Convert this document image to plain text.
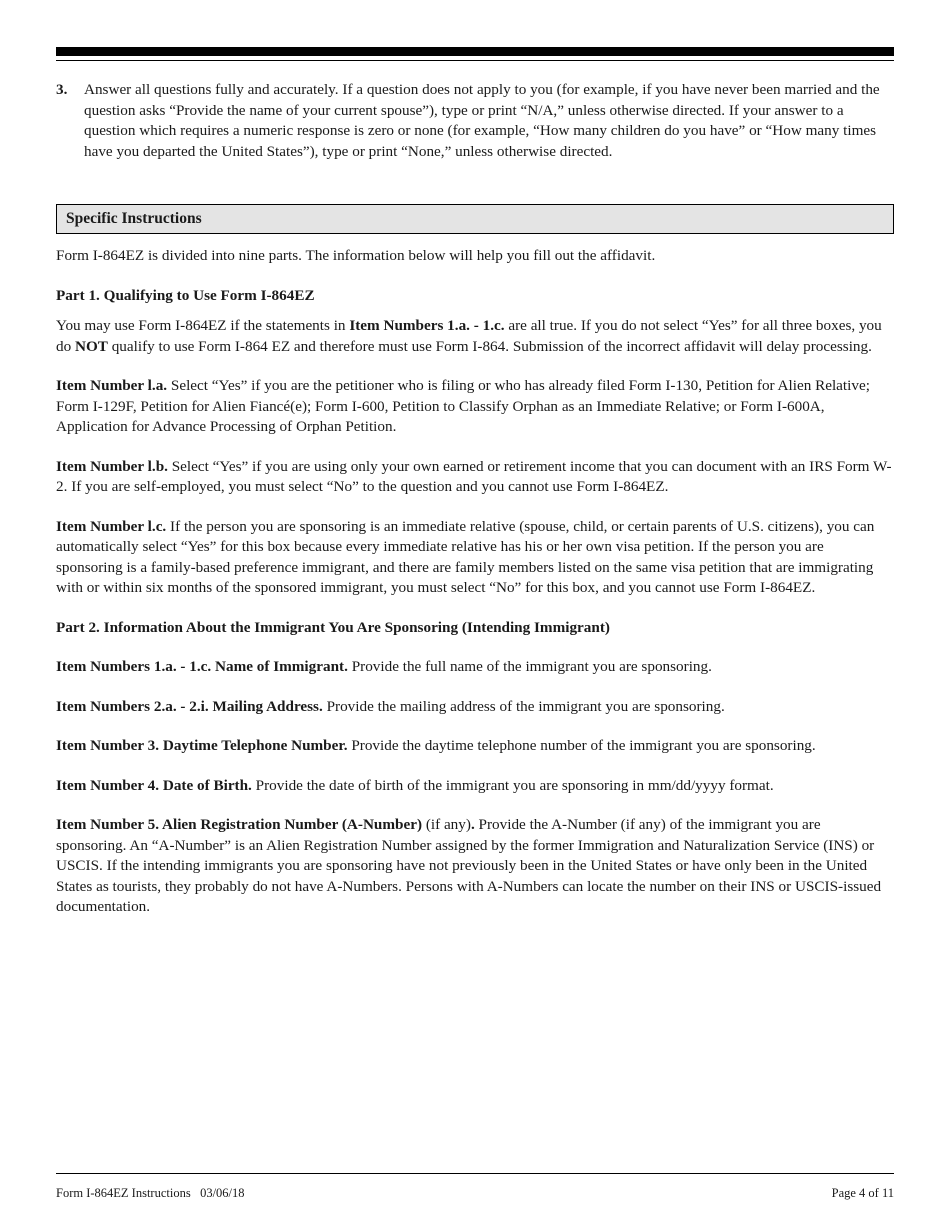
3. Answer all questions fully and accurately. If a question does not apply to you (for example, if you have never been married and the question asks “Provide the name of your current spouse”), type or print “N/A,” unless otherwise directed. If your answer to a question which requires a numeric response is zero or none (for example, “How many children do you have” or “How many times have you departed the United States”), type or print “None,” unless otherwise directed.

Specific Instructions

Form I-864EZ is divided into nine parts. The information below will help you fill out the affidavit.

Part 1. Qualifying to Use Form I-864EZ

You may use Form I-864EZ if the statements in Item Numbers 1.a. - 1.c. are all true. If you do not select “Yes” for all three boxes, you do NOT qualify to use Form I-864 EZ and therefore must use Form I-864. Submission of the incorrect affidavit will delay processing.

Item Number l.a. Select “Yes” if you are the petitioner who is filing or who has already filed Form I-130, Petition for Alien Relative; Form I-129F, Petition for Alien Fiancé(e); Form I-600, Petition to Classify Orphan as an Immediate Relative; or Form I-600A, Application for Advance Processing of Orphan Petition.

Item Number l.b. Select “Yes” if you are using only your own earned or retirement income that you can document with an IRS Form W-2. If you are self-employed, you must select “No” to the question and you cannot use Form I-864EZ.

Item Number l.c. If the person you are sponsoring is an immediate relative (spouse, child, or certain parents of U.S. citizens), you can automatically select “Yes” for this box because every immediate relative has his or her own visa petition. If the person you are sponsoring is a family-based preference immigrant, and there are family members listed on the same visa petition that are immigrating with or within six months of the sponsored immigrant, you must select “No” for this box, and you cannot use Form I-864EZ.

Part 2. Information About the Immigrant You Are Sponsoring (Intending Immigrant)

Item Numbers 1.a. - 1.c. Name of Immigrant. Provide the full name of the immigrant you are sponsoring.

Item Numbers 2.a. - 2.i. Mailing Address. Provide the mailing address of the immigrant you are sponsoring.

Item Number 3. Daytime Telephone Number. Provide the daytime telephone number of the immigrant you are sponsoring.

Item Number 4. Date of Birth. Provide the date of birth of the immigrant you are sponsoring in mm/dd/yyyy format.

Item Number 5. Alien Registration Number (A-Number) (if any). Provide the A-Number (if any) of the immigrant you are sponsoring. An “A-Number” is an Alien Registration Number assigned by the former Immigration and Naturalization Service (INS) or USCIS. If the intending immigrants you are sponsoring have not previously been in the United States or have only been in the United States as tourists, they probably do not have A-Numbers. Persons with A-Numbers can locate the number on their INS or USCIS-issued documentation.

Form I-864EZ Instructions   03/06/18	Page 4 of 11
